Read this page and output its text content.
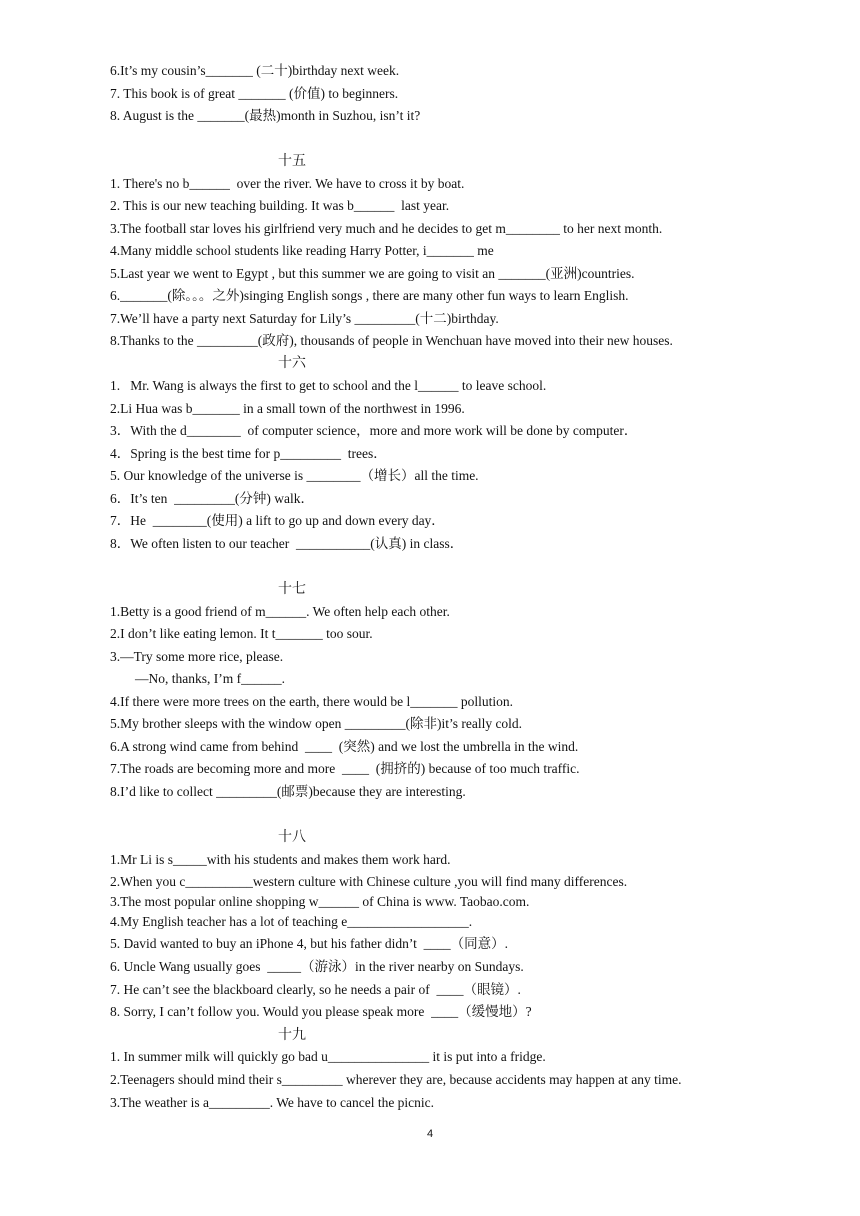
6.It’s my cousin’s_______ (二十)birthday next week.
7. This book is of great _______ (价值) to beginners.
8. August is the _______(最热)month in Suzhou, isn’t it?
十五
1. There's no b______  over the river. We have to cross it by boat.
2. This is our new teaching building. It was b______  last year.
3.The football star loves his girlfriend very much and he decides to get m________ to her next month.
4.Many middle school students like reading Harry Potter, i_______ me
5.Last year we went to Egypt , but this summer we are going to visit an _______(亚洲)countries.
6._______(除。。。之外)singing English songs , there are many other fun ways to learn English.
7.We’ll have a party next Saturday for Lily’s _________(十二)birthday.
8.Thanks to the _________(政府), thousands of people in Wenchuan have moved into their new houses.
十六
1.   Mr. Wang is always the first to get to school and the l______ to leave school.
2.Li Hua was b_______ in a small town of the northwest in 1996.
3．With the d________  of computer science，more and more work will be done by computer．
4．Spring is the best time for p_________  trees．
5. Our knowledge of the universe is ________（增长）all the time.
6．It’s ten  _________(分钟) walk．
7．He  ________(使用) a lift to go up and down every day．
8．We often listen to our teacher  ___________(认真) in class．
十七
1.Betty is a good friend of m______. We often help each other.
2.I don’t like eating lemon. It t_______ too sour.
3.—Try some more rice, please.
—No, thanks, I’m f______.
4.If there were more trees on the earth, there would be l_______ pollution.
5.My brother sleeps with the window open _________(除非)it’s really cold.
6.A strong wind came from behind  ____  (突然) and we lost the umbrella in the wind.
7.The roads are becoming more and more  ____  (拥挤的) because of too much traffic.
8.I’d like to collect _________(邮票)because they are interesting.
十八
1.Mr Li is s_____with his students and makes them work hard.
2.When you c__________western culture with Chinese culture ,you will find many differences.
3.The most popular online shopping w______ of China is www. Taobao.com.
4.My English teacher has a lot of teaching e__________________.
5. David wanted to buy an iPhone 4, but his father didn’t  ____（同意）.
6. Uncle Wang usually goes  _____（游泳）in the river nearby on Sundays.
7. He can’t see the blackboard clearly, so he needs a pair of  ____（眼镜）.
8. Sorry, I can’t follow you. Would you please speak more  ____（缓慢地）?
十九
1. In summer milk will quickly go bad u_______________ it is put into a fridge.
2.Teenagers should mind their s_________ wherever they are, because accidents may happen at any time.
3.The weather is a_________. We have to cancel the picnic.
4
